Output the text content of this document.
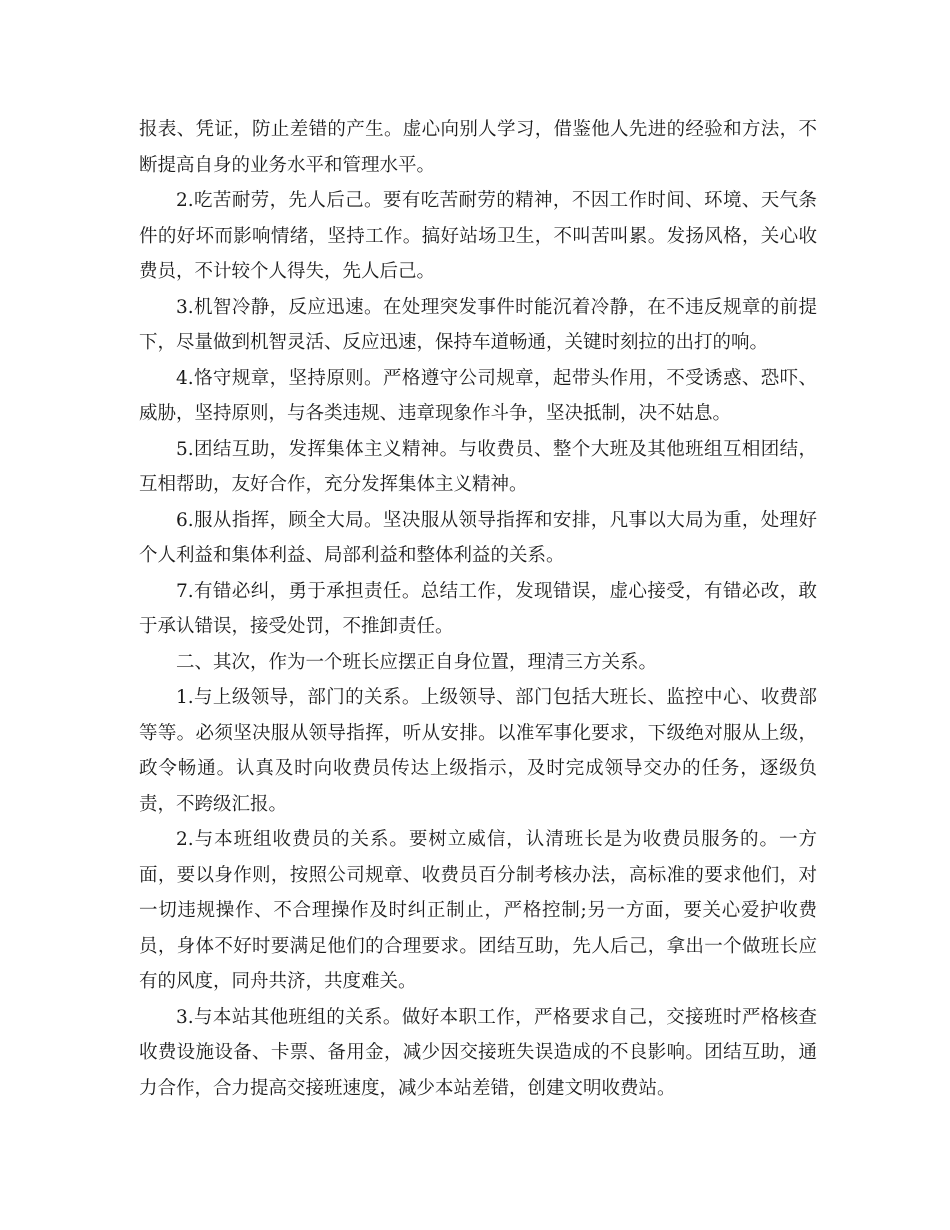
报表、凭证，防止差错的产生。虚心向别人学习，借鉴他人先进的经验和方法，不断提高自身的业务水平和管理水平。

2.吃苦耐劳，先人后己。要有吃苦耐劳的精神，不因工作时间、环境、天气条件的好坏而影响情绪，坚持工作。搞好站场卫生，不叫苦叫累。发扬风格，关心收费员，不计较个人得失，先人后己。

3.机智冷静，反应迅速。在处理突发事件时能沉着冷静，在不违反规章的前提下，尽量做到机智灵活、反应迅速，保持车道畅通，关键时刻拉的出打的响。

4.恪守规章，坚持原则。严格遵守公司规章，起带头作用，不受诱惑、恐吓、威胁，坚持原则，与各类违规、违章现象作斗争，坚决抵制，决不姑息。

5.团结互助，发挥集体主义精神。与收费员、整个大班及其他班组互相团结，互相帮助，友好合作，充分发挥集体主义精神。

6.服从指挥，顾全大局。坚决服从领导指挥和安排，凡事以大局为重，处理好个人利益和集体利益、局部利益和整体利益的关系。

7.有错必纠，勇于承担责任。总结工作，发现错误，虚心接受，有错必改，敢于承认错误，接受处罚，不推卸责任。

二、其次，作为一个班长应摆正自身位置，理清三方关系。

1.与上级领导，部门的关系。上级领导、部门包括大班长、监控中心、收费部等等。必须坚决服从领导指挥，听从安排。以准军事化要求，下级绝对服从上级，政令畅通。认真及时向收费员传达上级指示，及时完成领导交办的任务，逐级负责，不跨级汇报。

2.与本班组收费员的关系。要树立威信，认清班长是为收费员服务的。一方面，要以身作则，按照公司规章、收费员百分制考核办法，高标准的要求他们，对一切违规操作、不合理操作及时纠正制止，严格控制;另一方面，要关心爱护收费员，身体不好时要满足他们的合理要求。团结互助，先人后己，拿出一个做班长应有的风度，同舟共济，共度难关。

3.与本站其他班组的关系。做好本职工作，严格要求自己，交接班时严格核查收费设施设备、卡票、备用金，减少因交接班失误造成的不良影响。团结互助，通力合作，合力提高交接班速度，减少本站差错，创建文明收费站。
